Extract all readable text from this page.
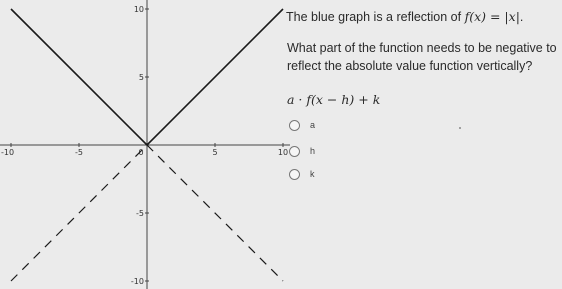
-10	-5	0	5	10
10
5
-5
-10
The blue graph is a reflection of f(x) = |x|.
What part of the function needs to be negative to
reflect the absolute value function vertically?
a · f(x − h) + k
a
h
k
